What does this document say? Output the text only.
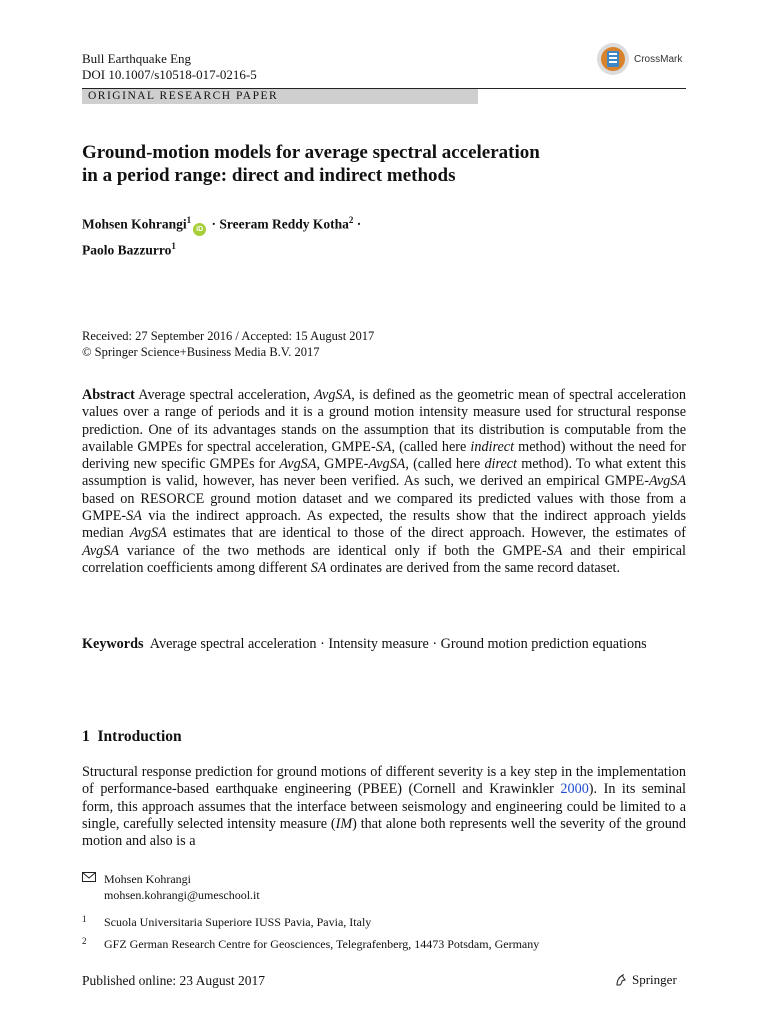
Bull Earthquake Eng
DOI 10.1007/s10518-017-0216-5
CrossMark
ORIGINAL RESEARCH PAPER
Ground-motion models for average spectral acceleration
in a period range: direct and indirect methods
Mohsen Kohrangi$^1$iD · Sreeram Reddy Kotha$^2$ ·
Paolo Bazzurro$^1$
Received: 27 September 2016 / Accepted: 15 August 2017
© Springer Science+Business Media B.V. 2017
Abstract Average spectral acceleration, AvgSA, is defined as the geometric mean of spectral acceleration values over a range of periods and it is a ground motion intensity measure used for structural response prediction. One of its advantages stands on the assumption that its distribution is computable from the available GMPEs for spectral acceleration, GMPE-SA, (called here indirect method) without the need for deriving new specific GMPEs for AvgSA, GMPE-AvgSA, (called here direct method). To what extent this assumption is valid, however, has never been verified. As such, we derived an empirical GMPE-AvgSA based on RESORCE ground motion dataset and we compared its predicted values with those from a GMPE-SA via the indirect approach. As expected, the results show that the indirect approach yields median AvgSA estimates that are identical to those of the direct approach. However, the estimates of AvgSA variance of the two methods are identical only if both the GMPE-SA and their empirical correlation coefficients among different SA ordinates are derived from the same record dataset.
Keywords Average spectral acceleration · Intensity measure · Ground motion prediction equations
1 Introduction
Structural response prediction for ground motions of different severity is a key step in the implementation of performance-based earthquake engineering (PBEE) (Cornell and Krawinkler 2000). In its seminal form, this approach assumes that the interface between seismology and engineering could be limited to a single, carefully selected intensity measure (IM) that alone both represents well the severity of the ground motion and also is a
Mohsen Kohrangi
mohsen.kohrangi@umeschool.it
1 Scuola Universitaria Superiore IUSS Pavia, Pavia, Italy
2 GFZ German Research Centre for Geosciences, Telegrafenberg, 14473 Potsdam, Germany
Published online: 23 August 2017	Springer
